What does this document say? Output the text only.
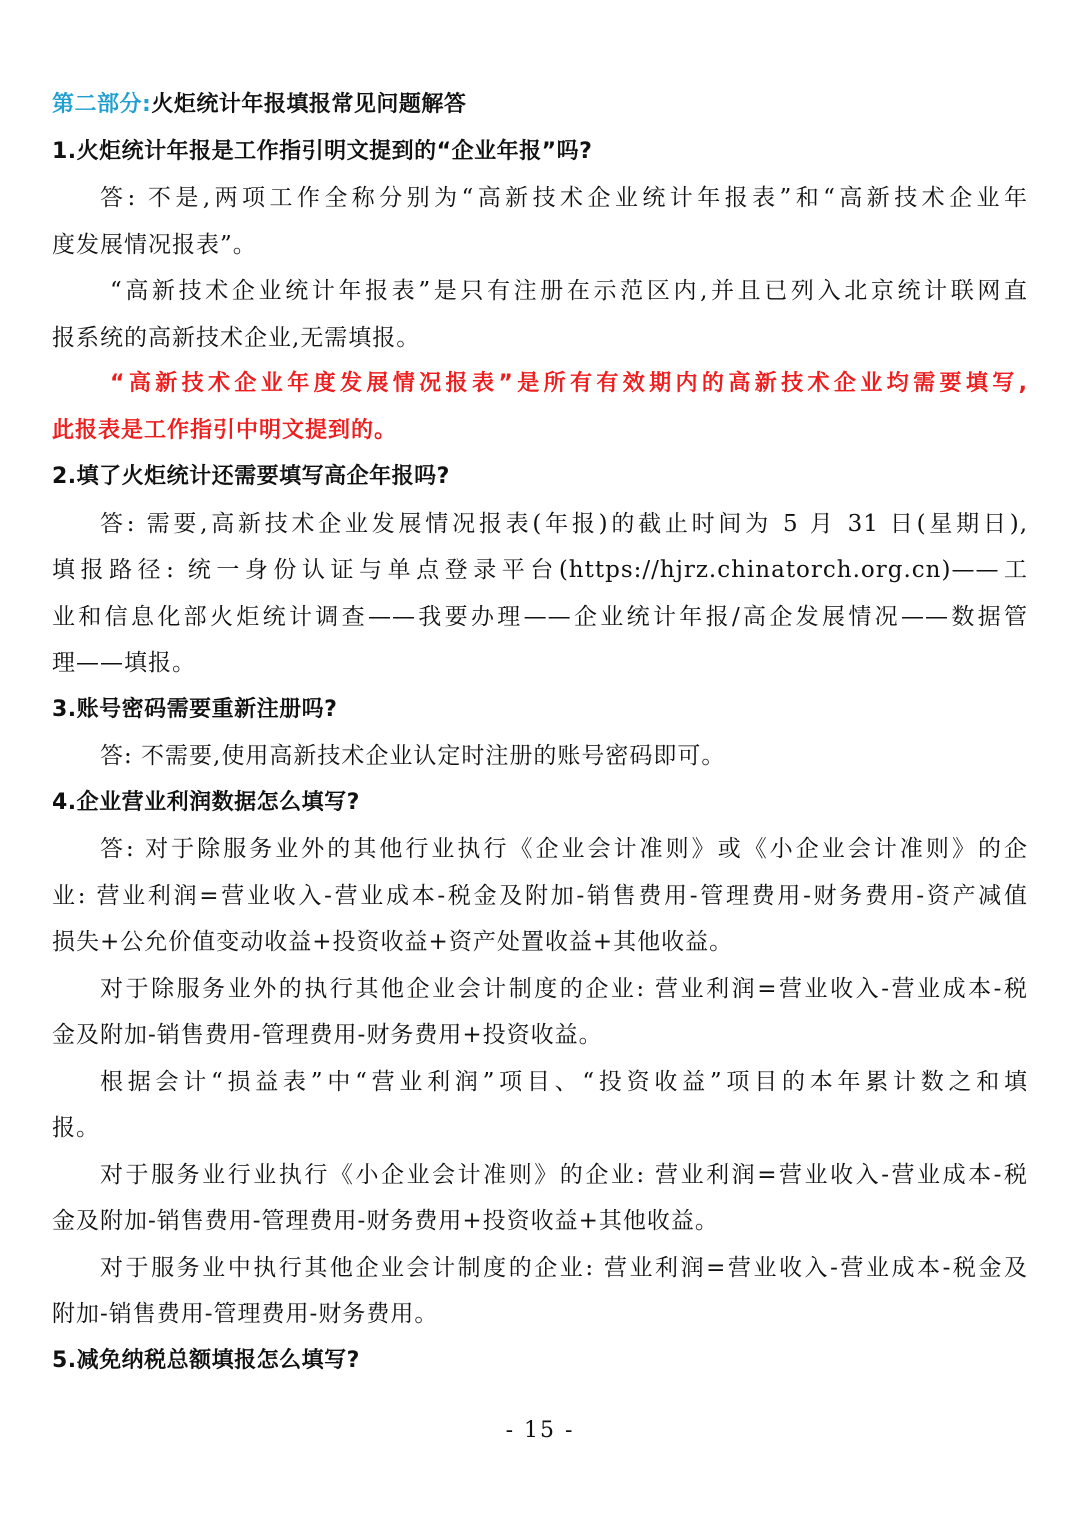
第二部分:火炬统计年报填报常见问题解答

1.火炬统计年报是工作指引明文提到的“企业年报”吗?

答: 不是,两项工作全称分别为“高新技术企业统计年报表”和“高新技术企业年

度发展情况报表”。

“高新技术企业统计年报表”是只有注册在示范区内,并且已列入北京统计联网直

报系统的高新技术企业,无需填报。

“高新技术企业年度发展情况报表”是所有有效期内的高新技术企业均需要填写,

此报表是工作指引中明文提到的。

2.填了火炬统计还需要填写高企年报吗?

答: 需要,高新技术企业发展情况报表(年报)的截止时间为 5 月 31 日(星期日),

填报路径: 统一身份认证与单点登录平台(https://hjrz.chinatorch.org.cn)——工

业和信息化部火炬统计调查——我要办理——企业统计年报/高企发展情况——数据管

理——填报。

3.账号密码需要重新注册吗?

答: 不需要,使用高新技术企业认定时注册的账号密码即可。

4.企业营业利润数据怎么填写?

答: 对于除服务业外的其他行业执行《企业会计准则》或《小企业会计准则》的企

业: 营业利润=营业收入-营业成本-税金及附加-销售费用-管理费用-财务费用-资产减值

损失+公允价值变动收益+投资收益+资产处置收益+其他收益。

对于除服务业外的执行其他企业会计制度的企业: 营业利润=营业收入-营业成本-税

金及附加-销售费用-管理费用-财务费用+投资收益。

根据会计“损益表”中“营业利润”项目、“投资收益”项目的本年累计数之和填

报。

对于服务业行业执行《小企业会计准则》的企业: 营业利润=营业收入-营业成本-税

金及附加-销售费用-管理费用-财务费用+投资收益+其他收益。

对于服务业中执行其他企业会计制度的企业: 营业利润=营业收入-营业成本-税金及

附加-销售费用-管理费用-财务费用。

5.减免纳税总额填报怎么填写?

- 15 -
